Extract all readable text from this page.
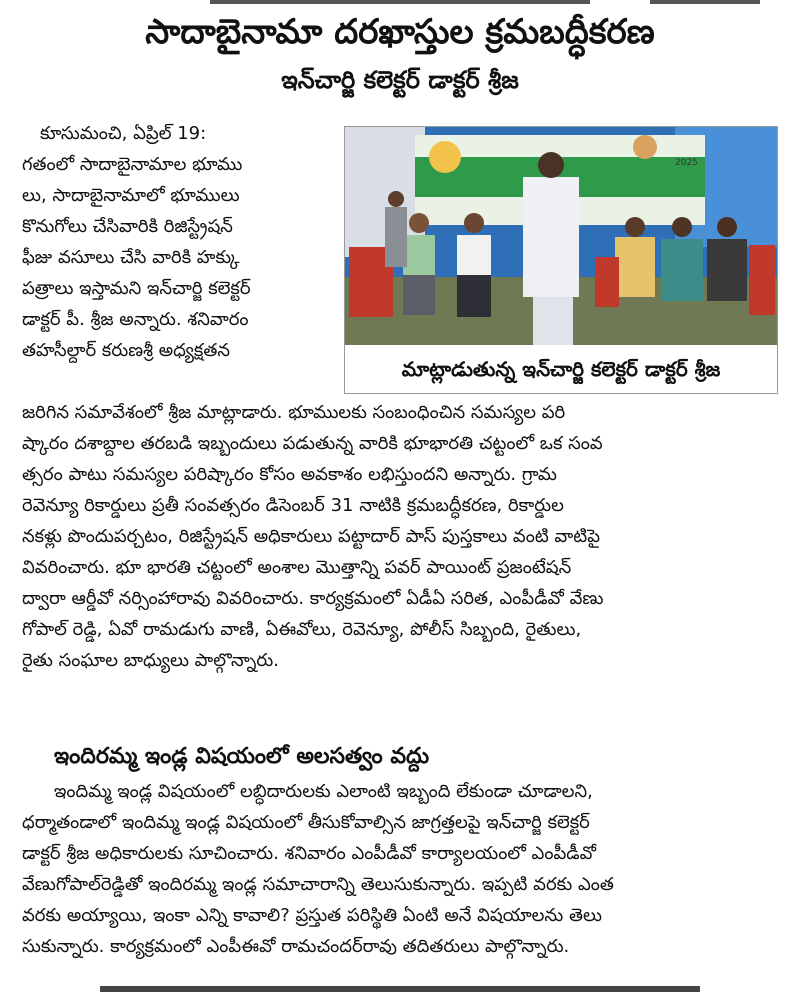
సాదాబైనామా దరఖాస్తుల క్రమబద్ధీకరణ
ఇన్‌చార్జి కలెక్టర్ డాక్టర్ శ్రీజ
కూసుమంచి, ఏప్రిల్ 19:
గతంలో సాదాబైనామాల భూము
లు, సాదాబైనామాలో భూములు
కొనుగోలు చేసివారికి రిజిస్ట్రేషన్
ఫీజు వసూలు చేసి వారికి హక్కు
పత్రాలు ఇస్తామని ఇన్‌చార్జి కలెక్టర్
డాక్టర్ పీ. శ్రీజ అన్నారు. శనివారం
తహసీల్దార్ కరుణశ్రీ అధ్యక్షతన
2025
మాట్లాడుతున్న ఇన్‌చార్జి కలెక్టర్ డాక్టర్ శ్రీజ
జరిగిన సమావేశంలో శ్రీజ మాట్లాడారు. భూములకు సంబంధించిన సమస్యల పరి
ష్కారం దశాబ్దాల తరబడి ఇబ్బందులు పడుతున్న వారికి భూభారతి చట్టంలో ఒక సంవ
త్సరం పాటు సమస్యల పరిష్కారం కోసం అవకాశం లభిస్తుందని అన్నారు. గ్రామ
రెవెన్యూ రికార్డులు ప్రతీ సంవత్సరం డిసెంబర్ 31 నాటికి క్రమబద్ధీకరణ, రికార్డుల
నకళ్లు పొందుపర్చటం, రిజిస్ట్రేషన్ అధికారులు పట్టాదార్ పాస్ పుస్తకాలు వంటి వాటిపై
వివరించారు. భూ భారతి చట్టంలో అంశాల మొత్తాన్ని పవర్ పాయింట్ ప్రజంటేషన్
ద్వారా ఆర్డీవో నర్సింహారావు వివరించారు. కార్యక్రమంలో ఏడీఏ సరిత, ఎంపీడీవో వేణు
గోపాల్ రెడ్డి, ఏవో రామడుగు వాణి, ఏఈవోలు, రెవెన్యూ, పోలీస్ సిబ్బంది, రైతులు,
రైతు సంఘాల బాధ్యులు పాల్గొన్నారు.
ఇందిరమ్మ ఇండ్ల విషయంలో అలసత్వం వద్దు
ఇందిమ్మ ఇండ్ల విషయంలో లబ్ధిదారులకు ఎలాంటి ఇబ్బంది లేకుండా చూడాలని,
ధర్మాతండాలో ఇందిమ్మ ఇండ్ల విషయంలో తీసుకోవాల్సిన జాగ్రత్తలపై ఇన్‌చార్జి కలెక్టర్
డాక్టర్ శ్రీజ అధికారులకు సూచించారు. శనివారం ఎంపీడీవో కార్యాలయంలో ఎంపీడీవో
వేణుగోపాల్‌రెడ్డితో ఇందిరమ్మ ఇండ్ల సమాచారాన్ని తెలుసుకున్నారు. ఇప్పటి వరకు ఎంత
వరకు అయ్యాయి, ఇంకా ఎన్ని కావాలి? ప్రస్తుత పరిస్థితి ఏంటి అనే విషయాలను తెలు
సుకున్నారు. కార్యక్రమంలో ఎంపీఈవో రామచందర్‌రావు తదితరులు పాల్గొన్నారు.
